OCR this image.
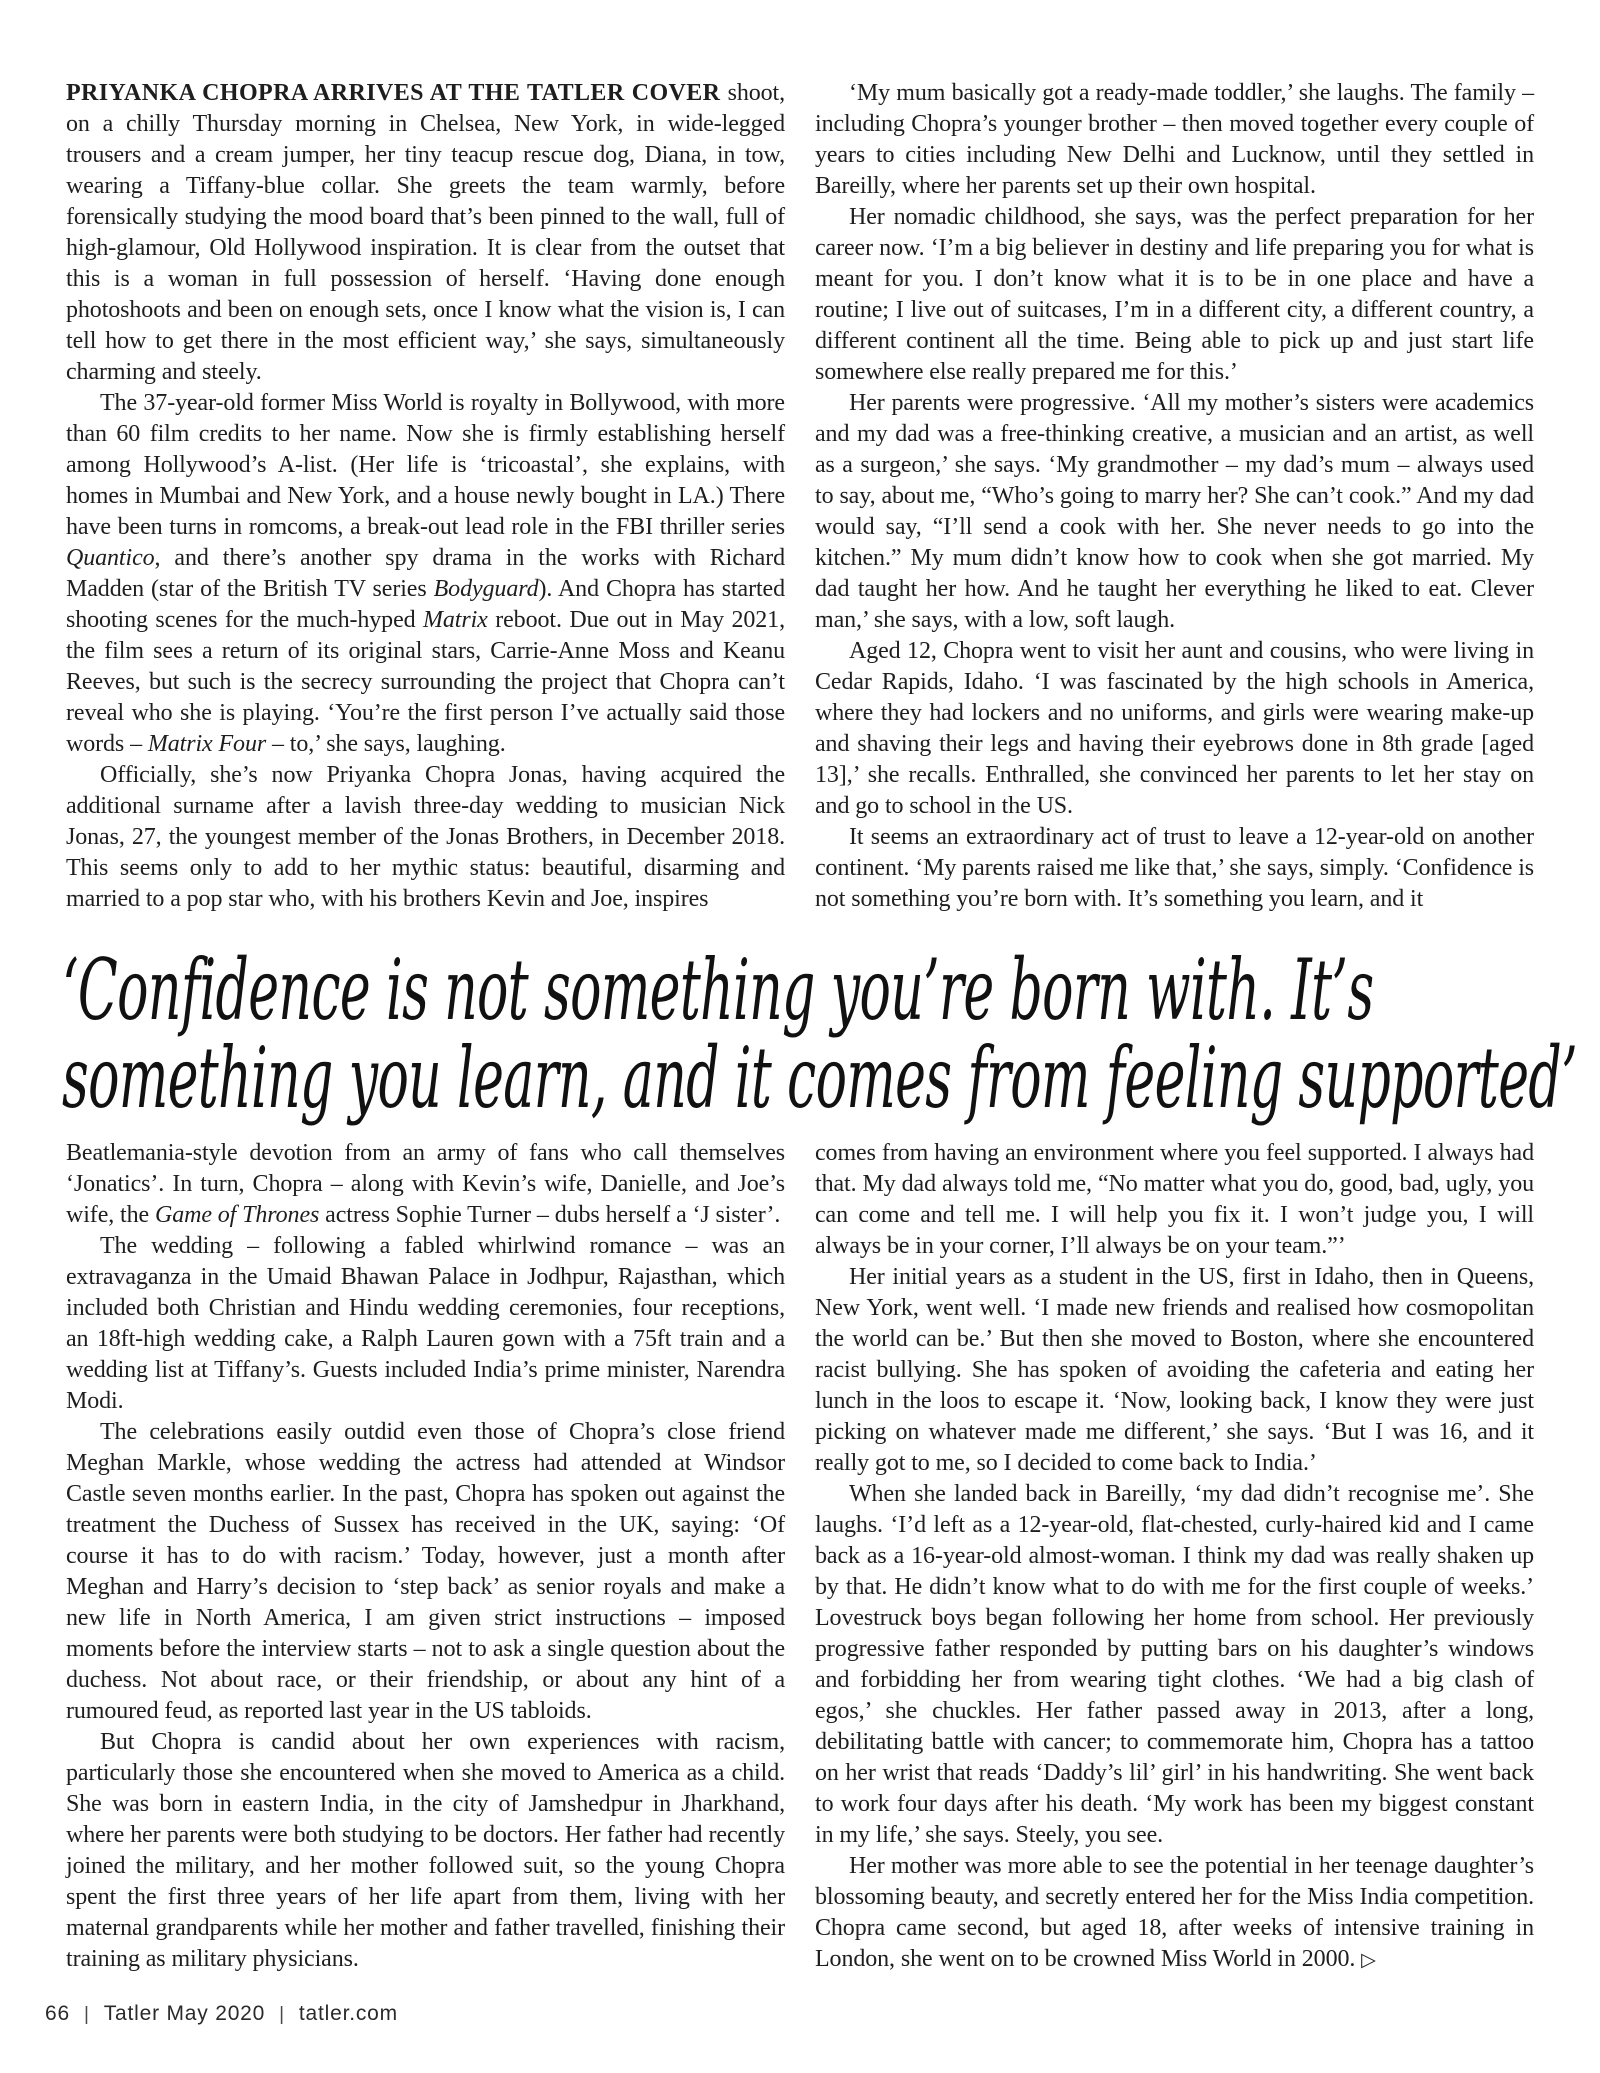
PRIYANKA CHOPRA ARRIVES AT THE TATLER COVER shoot, on a chilly Thursday morning in Chelsea, New York, in wide-legged trousers and a cream jumper, her tiny teacup rescue dog, Diana, in tow, wearing a Tiffany-blue collar. She greets the team warmly, before forensically studying the mood board that’s been pinned to the wall, full of high-glamour, Old Hollywood inspiration. It is clear from the outset that this is a woman in full possession of herself. ‘Having done enough photoshoots and been on enough sets, once I know what the vision is, I can tell how to get there in the most efficient way,’ she says, simultaneously charming and steely.

The 37-year-old former Miss World is royalty in Bollywood, with more than 60 film credits to her name. Now she is firmly establishing herself among Hollywood’s A-list. (Her life is ‘tricoastal’, she explains, with homes in Mumbai and New York, and a house newly bought in LA.) There have been turns in romcoms, a break-out lead role in the FBI thriller series Quantico, and there’s another spy drama in the works with Richard Madden (star of the British TV series Bodyguard). And Chopra has started shooting scenes for the much-hyped Matrix reboot. Due out in May 2021, the film sees a return of its original stars, Carrie-Anne Moss and Keanu Reeves, but such is the secrecy surrounding the project that Chopra can’t reveal who she is playing. ‘You’re the first person I’ve actually said those words – Matrix Four – to,’ she says, laughing.

Officially, she’s now Priyanka Chopra Jonas, having acquired the additional surname after a lavish three-day wedding to musician Nick Jonas, 27, the youngest member of the Jonas Brothers, in December 2018. This seems only to add to her mythic status: beautiful, disarming and married to a pop star who, with his brothers Kevin and Joe, inspires

‘My mum basically got a ready-made toddler,’ she laughs. The family – including Chopra’s younger brother – then moved together every couple of years to cities including New Delhi and Lucknow, until they settled in Bareilly, where her parents set up their own hospital.

Her nomadic childhood, she says, was the perfect preparation for her career now. ‘I’m a big believer in destiny and life preparing you for what is meant for you. I don’t know what it is to be in one place and have a routine; I live out of suitcases, I’m in a different city, a different country, a different continent all the time. Being able to pick up and just start life somewhere else really prepared me for this.’

Her parents were progressive. ‘All my mother’s sisters were academics and my dad was a free-thinking creative, a musician and an artist, as well as a surgeon,’ she says. ‘My grandmother – my dad’s mum – always used to say, about me, “Who’s going to marry her? She can’t cook.” And my dad would say, “I’ll send a cook with her. She never needs to go into the kitchen.” My mum didn’t know how to cook when she got married. My dad taught her how. And he taught her everything he liked to eat. Clever man,’ she says, with a low, soft laugh.

Aged 12, Chopra went to visit her aunt and cousins, who were living in Cedar Rapids, Idaho. ‘I was fascinated by the high schools in America, where they had lockers and no uniforms, and girls were wearing make-up and shaving their legs and having their eyebrows done in 8th grade [aged 13],’ she recalls. Enthralled, she convinced her parents to let her stay on and go to school in the US.

It seems an extraordinary act of trust to leave a 12-year-old on another continent. ‘My parents raised me like that,’ she says, simply. ‘Confidence is not something you’re born with. It’s something you learn, and it

‘Confidence is not something you’re born with. It’s
something you learn, and it comes from feeling supported’

Beatlemania-style devotion from an army of fans who call themselves ‘Jonatics’. In turn, Chopra – along with Kevin’s wife, Danielle, and Joe’s wife, the Game of Thrones actress Sophie Turner – dubs herself a ‘J sister’.

The wedding – following a fabled whirlwind romance – was an extravaganza in the Umaid Bhawan Palace in Jodhpur, Rajasthan, which included both Christian and Hindu wedding ceremonies, four receptions, an 18ft-high wedding cake, a Ralph Lauren gown with a 75ft train and a wedding list at Tiffany’s. Guests included India’s prime minister, Narendra Modi.

The celebrations easily outdid even those of Chopra’s close friend Meghan Markle, whose wedding the actress had attended at Windsor Castle seven months earlier. In the past, Chopra has spoken out against the treatment the Duchess of Sussex has received in the UK, saying: ‘Of course it has to do with racism.’ Today, however, just a month after Meghan and Harry’s decision to ‘step back’ as senior royals and make a new life in North America, I am given strict instructions – imposed moments before the interview starts – not to ask a single question about the duchess. Not about race, or their friendship, or about any hint of a rumoured feud, as reported last year in the US tabloids.

But Chopra is candid about her own experiences with racism, particularly those she encountered when she moved to America as a child. She was born in eastern India, in the city of Jamshedpur in Jharkhand, where her parents were both studying to be doctors. Her father had recently joined the military, and her mother followed suit, so the young Chopra spent the first three years of her life apart from them, living with her maternal grandparents while her mother and father travelled, finishing their training as military physicians.

comes from having an environment where you feel supported. I always had that. My dad always told me, “No matter what you do, good, bad, ugly, you can come and tell me. I will help you fix it. I won’t judge you, I will always be in your corner, I’ll always be on your team.”’

Her initial years as a student in the US, first in Idaho, then in Queens, New York, went well. ‘I made new friends and realised how cosmopolitan the world can be.’ But then she moved to Boston, where she encountered racist bullying. She has spoken of avoiding the cafeteria and eating her lunch in the loos to escape it. ‘Now, looking back, I know they were just picking on whatever made me different,’ she says. ‘But I was 16, and it really got to me, so I decided to come back to India.’

When she landed back in Bareilly, ‘my dad didn’t recognise me’. She laughs. ‘I’d left as a 12-year-old, flat-chested, curly-haired kid and I came back as a 16-year-old almost-woman. I think my dad was really shaken up by that. He didn’t know what to do with me for the first couple of weeks.’ Lovestruck boys began following her home from school. Her previously progressive father responded by putting bars on his daughter’s windows and forbidding her from wearing tight clothes. ‘We had a big clash of egos,’ she chuckles. Her father passed away in 2013, after a long, debilitating battle with cancer; to commemorate him, Chopra has a tattoo on her wrist that reads ‘Daddy’s lil’ girl’ in his handwriting. She went back to work four days after his death. ‘My work has been my biggest constant in my life,’ she says. Steely, you see.

Her mother was more able to see the potential in her teenage daughter’s blossoming beauty, and secretly entered her for the Miss India competition. Chopra came second, but aged 18, after weeks of intensive training in London, she went on to be crowned Miss World in 2000. ▷

66 | Tatler May 2020 | tatler.com
